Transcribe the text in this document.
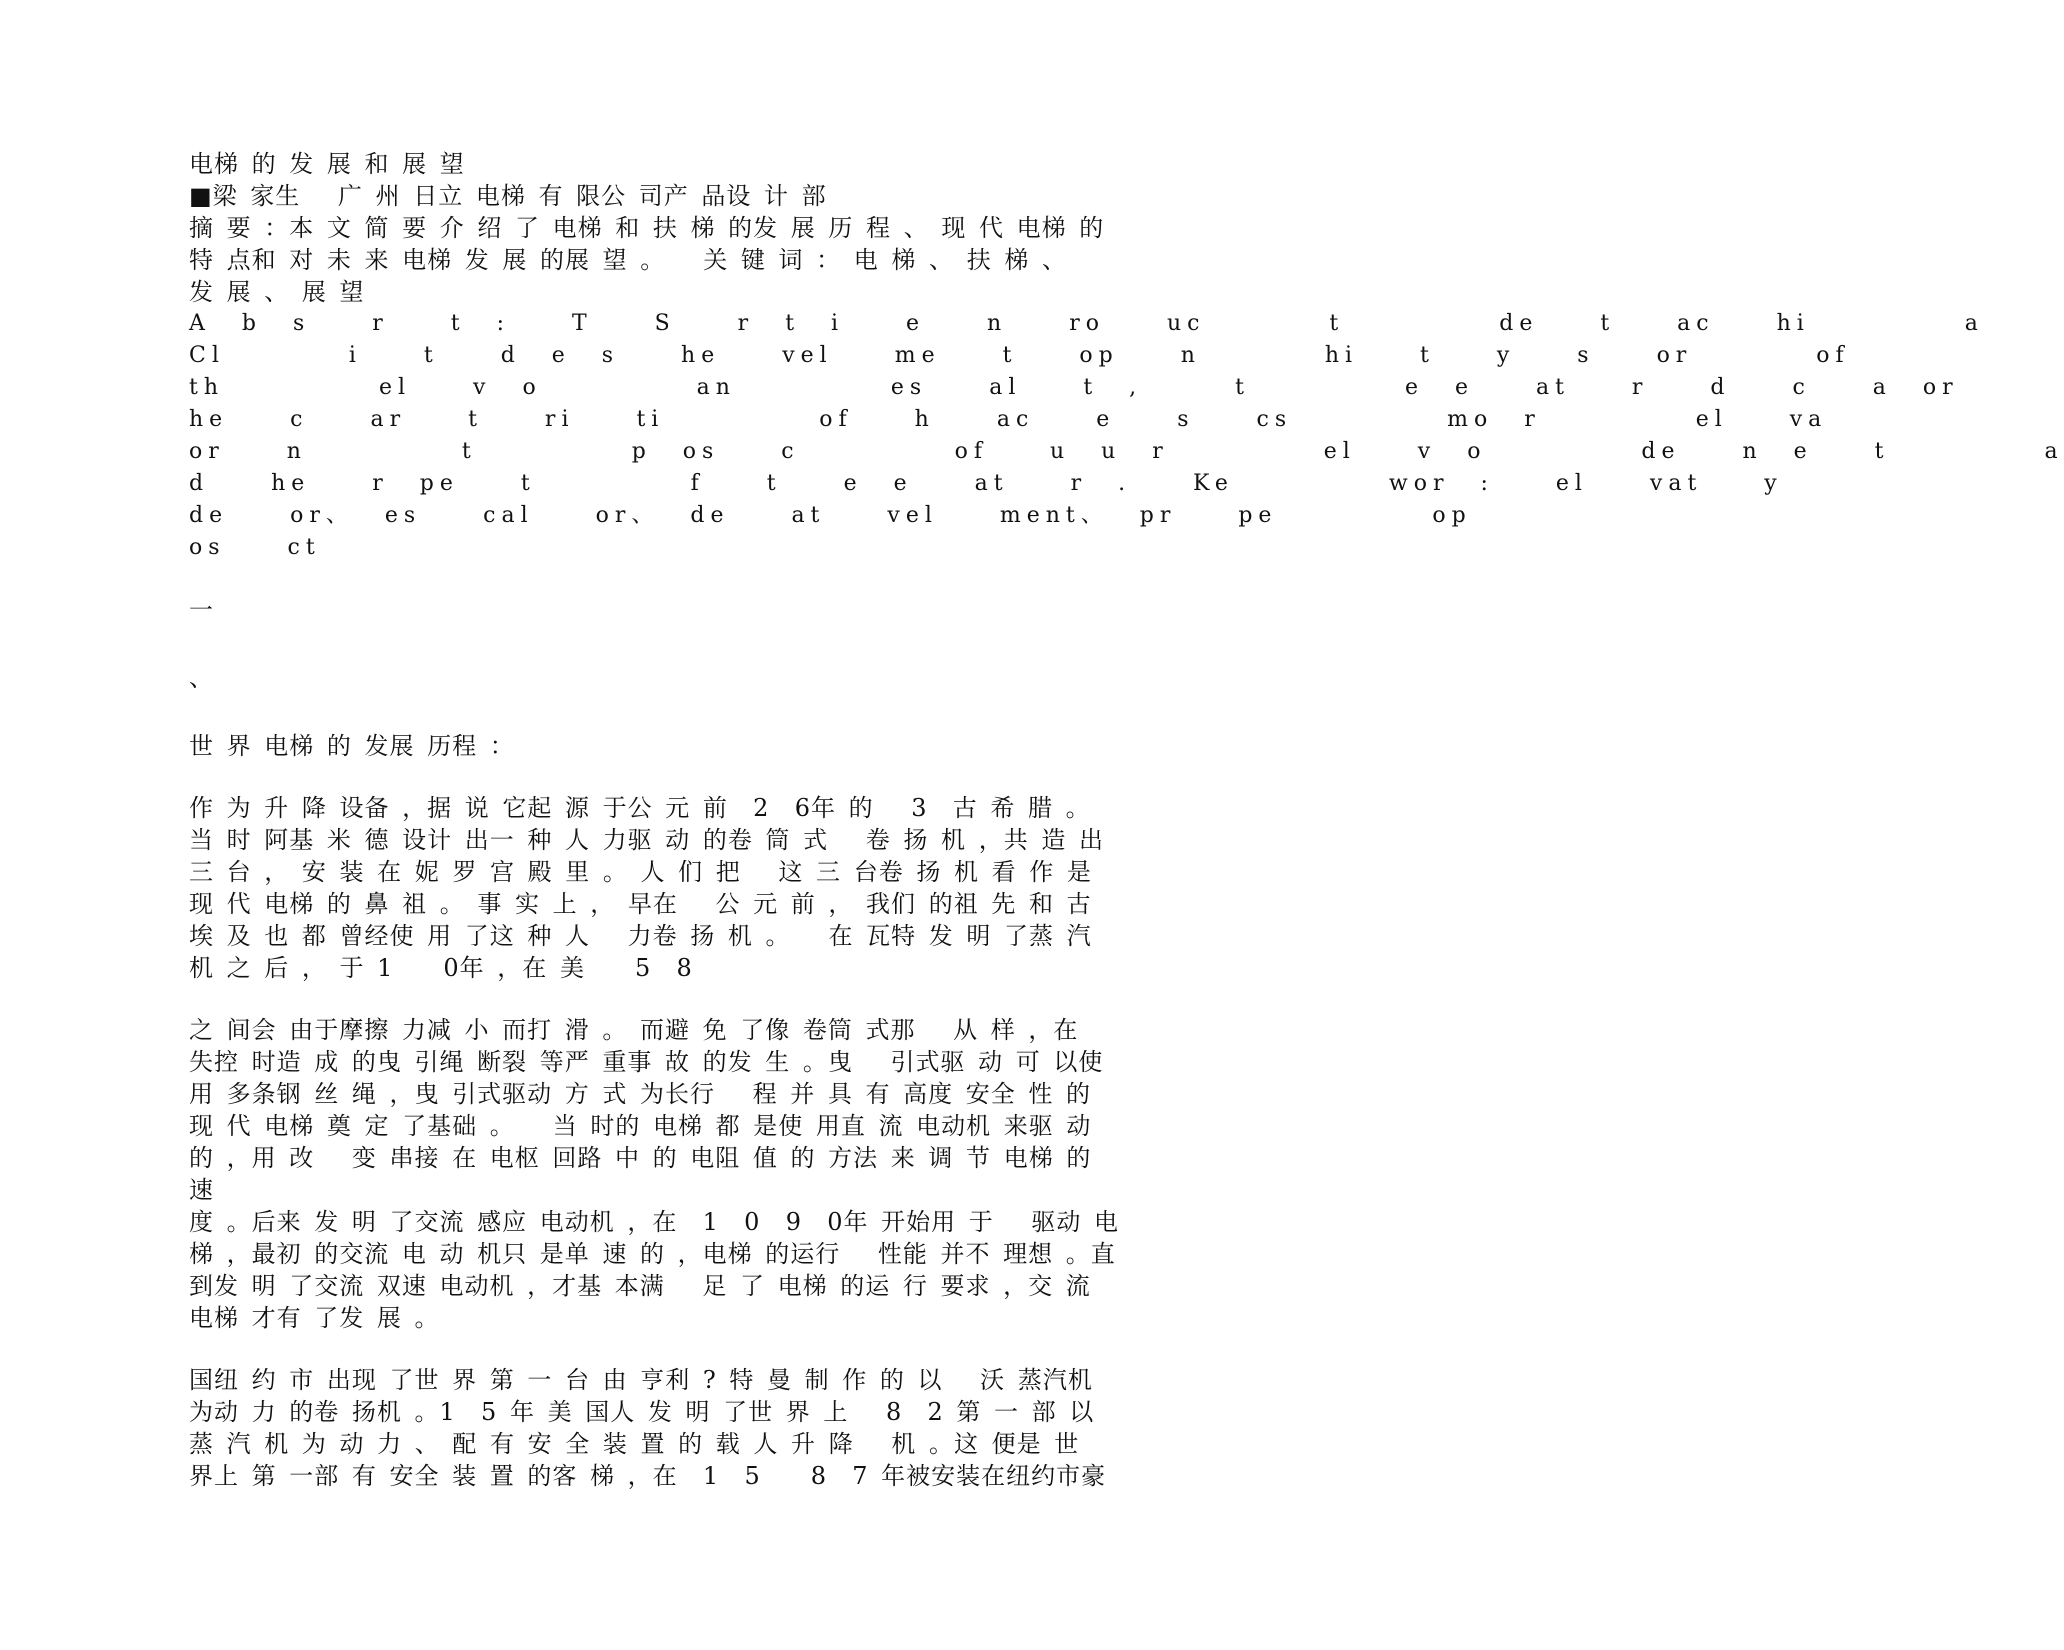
电梯 的 发 展 和 展 望
■梁 家生　 广 州 日立 电梯 有 限公 司产 品设 计 部
摘 要 ：本 文 简 要 介 绍 了 电梯 和 扶 梯 的发 展 历 程 、 现 代 电梯 的
特 点和 对 未 来 电梯 发 展 的展 望 。　　关 键 词 ： 电 梯 、 扶 梯 、
发 展 、 展 望
A b s  r  t :  T  S  r t i  e  n  ro  uc    t     de  t  ac  hi     a
Cl    i  t  d e s  he  vel  me  t  op  n    hi  t  y  s  or    of
th     el  v o     an     es  al  t ,   t     e e  at  r  d  c  a or
he  c  ar  t  ri  ti     of  h  ac  e  s  cs     mo r     el  va
or  n     t     p os  c     of  u u r     el  v o     de  n e  t     a
d  he  r pe  t     f  t  e e  at  r .  Ke     wor :  el  vat  y
de  or、 es  cal  or、 de  at  vel  ment、 pr  pe     op
os  ct
一
、
世 界 电梯 的 发展 历程 ：
作 为 升 降 设备 ，据 说 它起 源 于公 元 前  2  6年 的　 3  古 希 腊 。
当 时 阿基 米 德 设计 出一 种 人 力驱 动 的卷 筒 式　 卷 扬 机 ，共 造 出
三 台 ， 安 装 在 妮 罗 宫 殿 里 。 人 们 把　 这 三 台卷 扬 机 看 作 是
现 代 电梯 的 鼻 祖 。 事 实 上 ， 早在　 公 元 前 ， 我们 的祖 先 和 古
埃 及 也 都 曾经使 用 了这 种 人　 力卷 扬 机 。　　在 瓦特 发 明 了蒸 汽
机 之 后 ， 于 1　　0年 ，在 美　　5  8
之 间会 由于摩擦 力减 小 而打 滑 。 而避 免 了像 卷筒 式那　 从 样 ，在
失控 时造 成 的曳 引绳 断裂 等严 重事 故 的发 生 。曳　 引式驱 动 可 以使
用 多条钢 丝 绳 ，曳 引式驱动 方 式 为长行　 程 并 具 有 高度 安全 性 的
现 代 电梯 奠 定 了基础 。　　当 时的 电梯 都 是使 用直 流 电动机 来驱 动
的 ，用 改　 变 串接 在 电枢 回路 中 的 电阻 值 的 方法 来 调 节 电梯 的
速
度 。后来 发 明 了交流 感应 电动机 ，在  1  0  9  0年 开始用 于　 驱动 电
梯 ，最初 的交流 电 动 机只 是单 速 的 ，电梯 的运行　 性能 并不 理想 。直
到发 明 了交流 双速 电动机 ，才基 本满　 足 了 电梯 的运 行 要求 ，交 流
电梯 才有 了发 展 。
国纽 约 市 出现 了世 界 第 一 台 由 亨利 ? 特 曼 制 作 的 以　 沃 蒸汽机
为动 力 的卷 扬机 。1  5 年 美 国人 发 明 了世 界 上　 8  2 第 一 部 以
蒸 汽 机 为 动 力 、 配 有 安 全 装 置 的 载 人 升 降　 机 。这 便是 世
界上 第 一部 有 安全 装 置 的客 梯 ，在  1  5　　8  7 年被安装在纽约市豪
